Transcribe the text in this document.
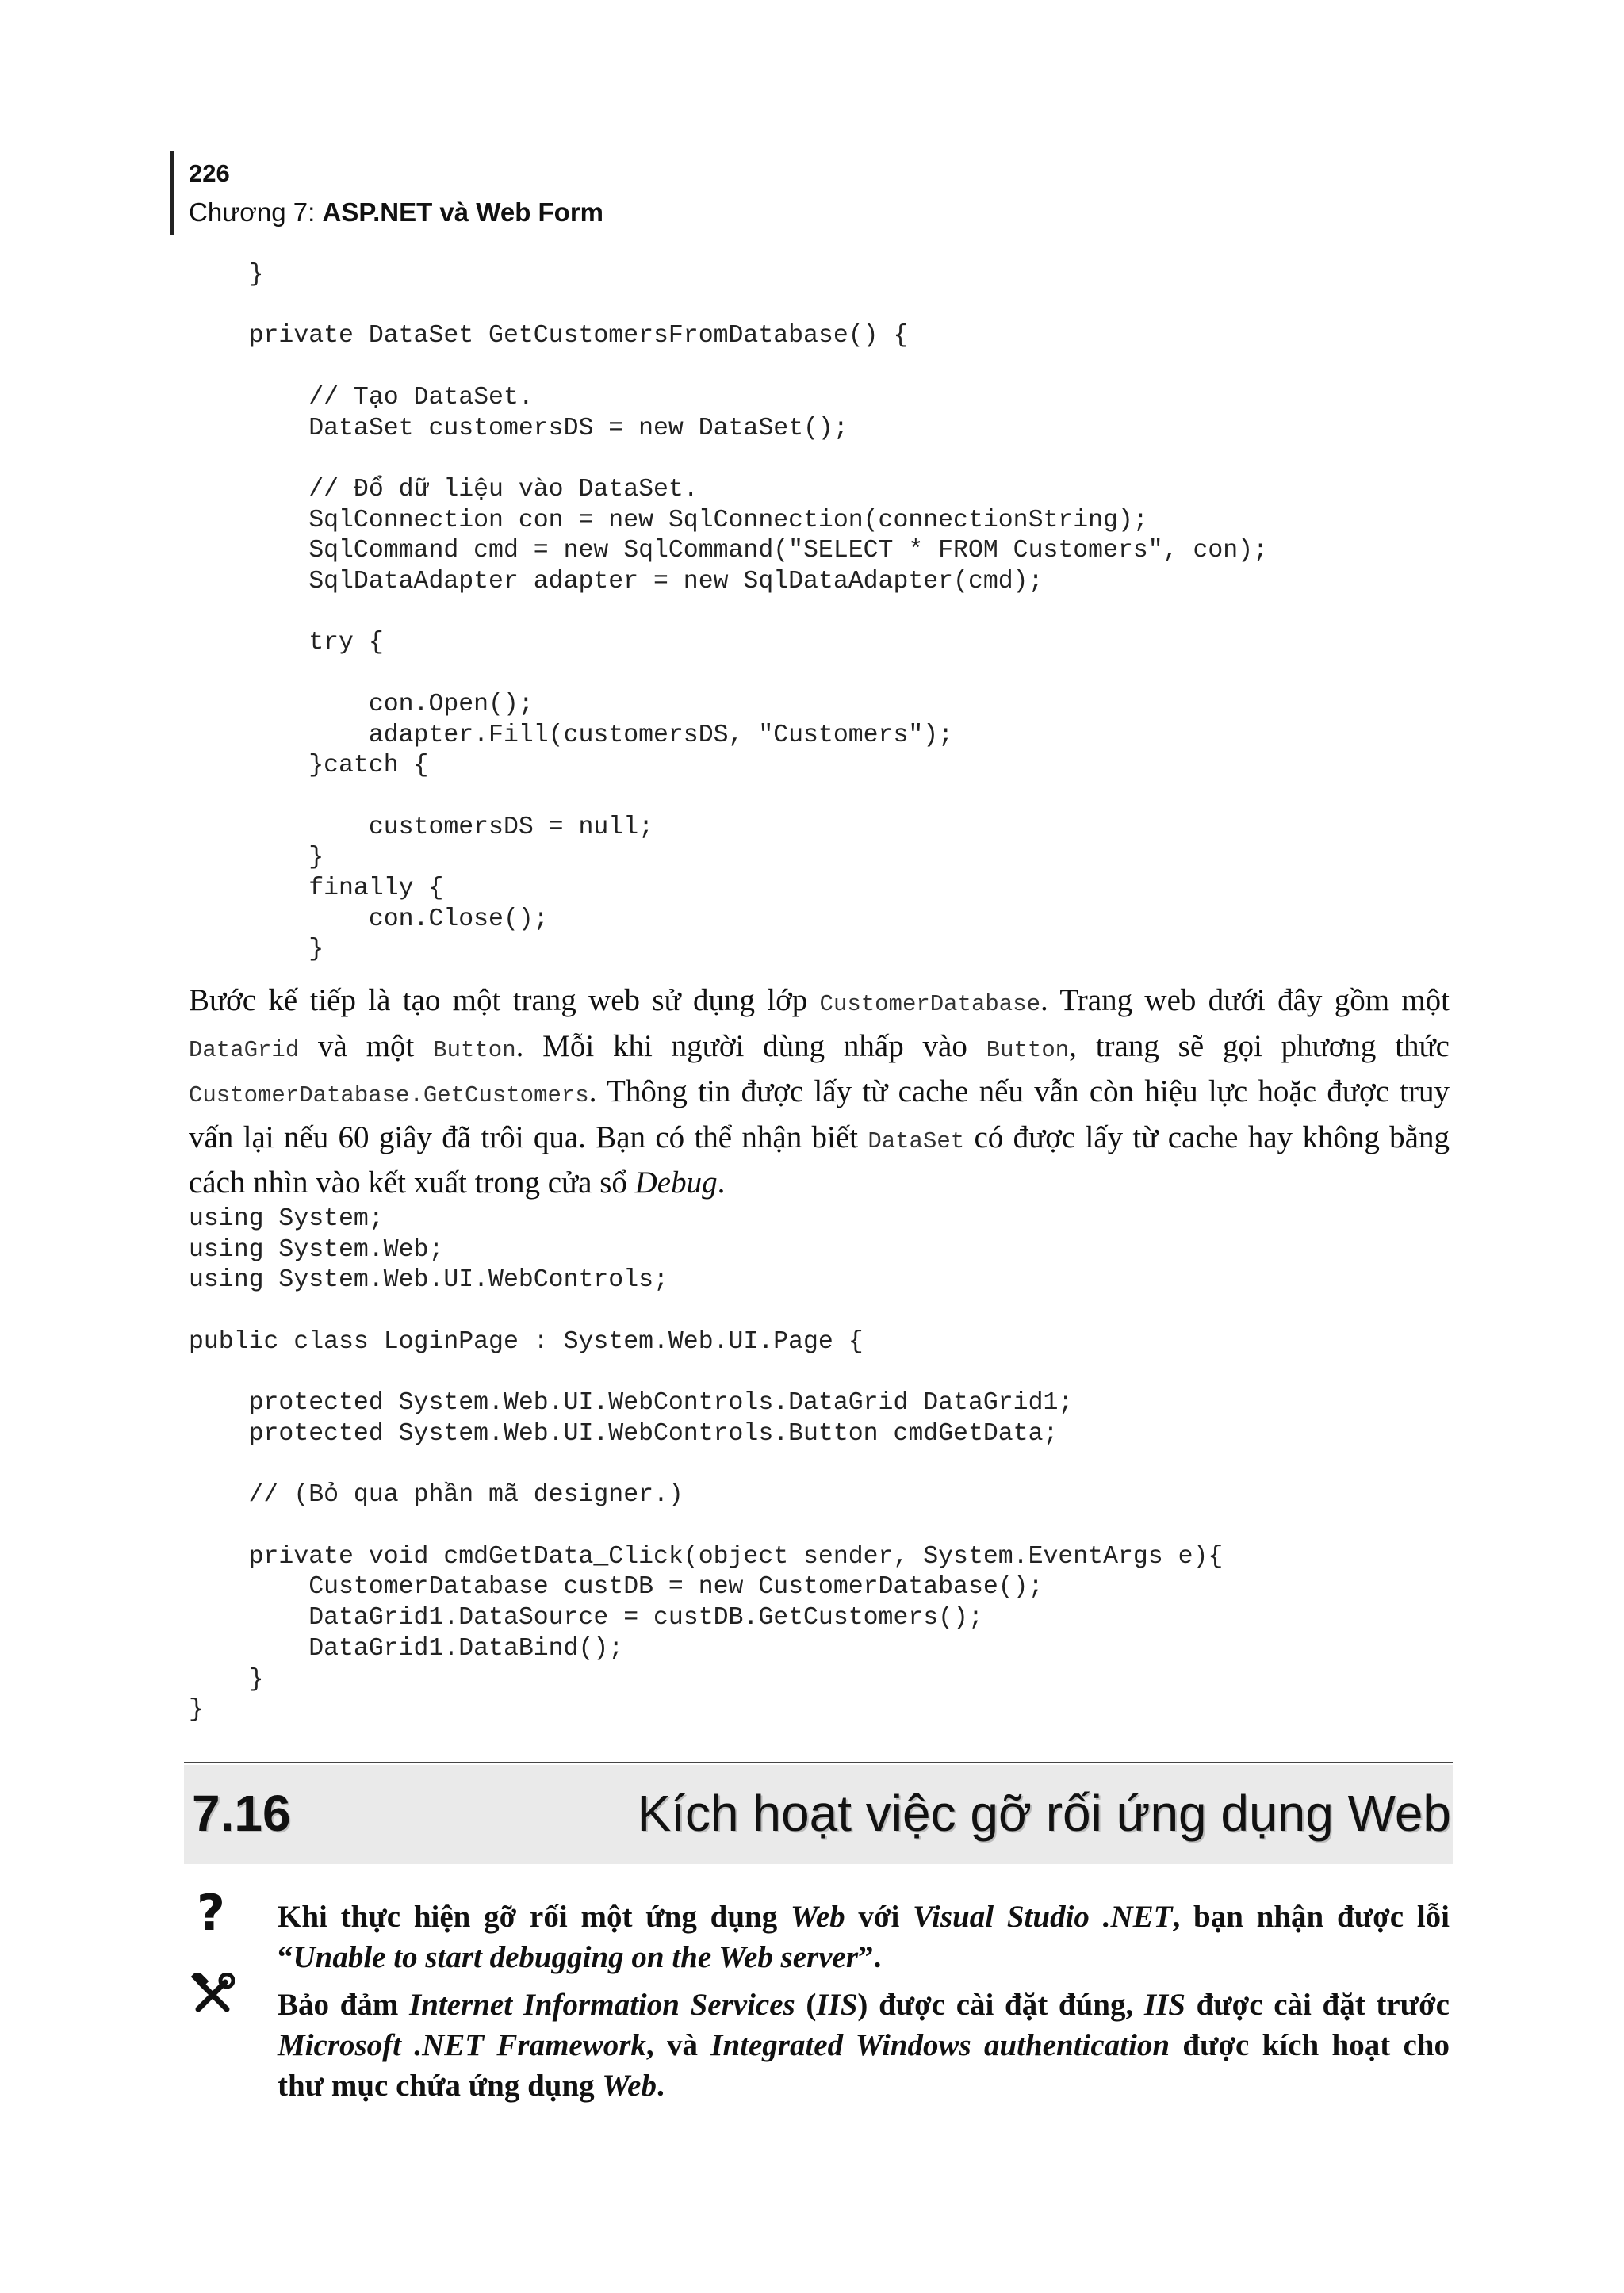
226
Chương 7: ASP.NET và Web Form
}

private DataSet GetCustomersFromDatabase() {

// Tạo DataSet.
DataSet customersDS = new DataSet();

// Đổ dữ liệu vào DataSet.
SqlConnection con = new SqlConnection(connectionString);
SqlCommand cmd = new SqlCommand("SELECT * FROM Customers", con);
SqlDataAdapter adapter = new SqlDataAdapter(cmd);

try {

con.Open();
adapter.Fill(customersDS, "Customers");
}catch {

customersDS = null;
}
finally {
con.Close();
}
Bước kế tiếp là tạo một trang web sử dụng lớp CustomerDatabase. Trang web dưới đây gồm một DataGrid và một Button. Mỗi khi người dùng nhấp vào Button, trang sẽ gọi phương thức CustomerDatabase.GetCustomers. Thông tin được lấy từ cache nếu vẫn còn hiệu lực hoặc được truy vấn lại nếu 60 giây đã trôi qua. Bạn có thể nhận biết DataSet có được lấy từ cache hay không bằng cách nhìn vào kết xuất trong cửa sổ Debug.
using System;
using System.Web;
using System.Web.UI.WebControls;

public class LoginPage : System.Web.UI.Page {

protected System.Web.UI.WebControls.DataGrid DataGrid1;
protected System.Web.UI.WebControls.Button cmdGetData;

// (Bỏ qua phần mã designer.)

private void cmdGetData_Click(object sender, System.EventArgs e){
CustomerDatabase custDB = new CustomerDatabase();
DataGrid1.DataSource = custDB.GetCustomers();
DataGrid1.DataBind();
}
}
7.16	Kích hoạt việc gỡ rối ứng dụng Web
? Khi thực hiện gỡ rối một ứng dụng Web với Visual Studio .NET, bạn nhận được lỗi “Unable to start debugging on the Web server”.
Bảo đảm Internet Information Services (IIS) được cài đặt đúng, IIS được cài đặt trước Microsoft .NET Framework, và Integrated Windows authentication được kích hoạt cho thư mục chứa ứng dụng Web.
